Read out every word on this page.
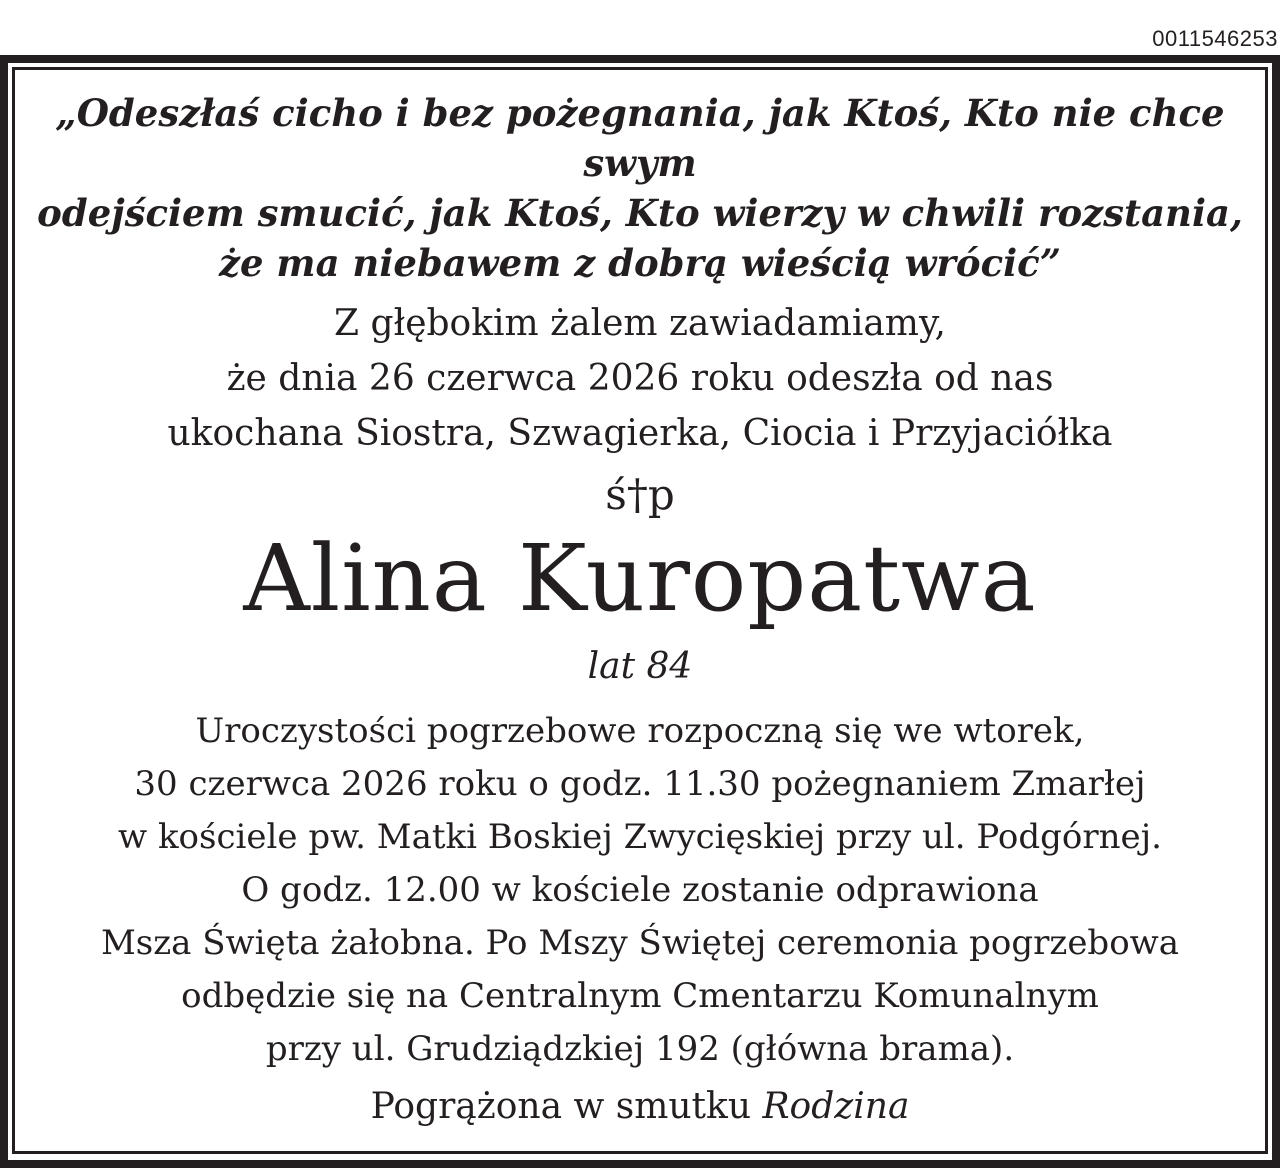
0011546253

„Odeszłaś cicho i bez pożegnania, jak Ktoś, Kto nie chce swym
odejściem smucić, jak Ktoś, Kto wierzy w chwili rozstania,
że ma niebawem z dobrą wieścią wrócić”

Z głębokim żalem zawiadamiamy,
że dnia 26 czerwca 2026 roku odeszła od nas
ukochana Siostra, Szwagierka, Ciocia i Przyjaciółka

ś†p

Alina Kuropatwa

lat 84

Uroczystości pogrzebowe rozpoczną się we wtorek,
30 czerwca 2026 roku o godz. 11.30 pożegnaniem Zmarłej
w kościele pw. Matki Boskiej Zwycięskiej przy ul. Podgórnej.
O godz. 12.00 w kościele zostanie odprawiona
Msza Święta żałobna. Po Mszy Świętej ceremonia pogrzebowa
odbędzie się na Centralnym Cmentarzu Komunalnym
przy ul. Grudziądzkiej 192 (główna brama).

Pogrążona w smutku Rodzina
